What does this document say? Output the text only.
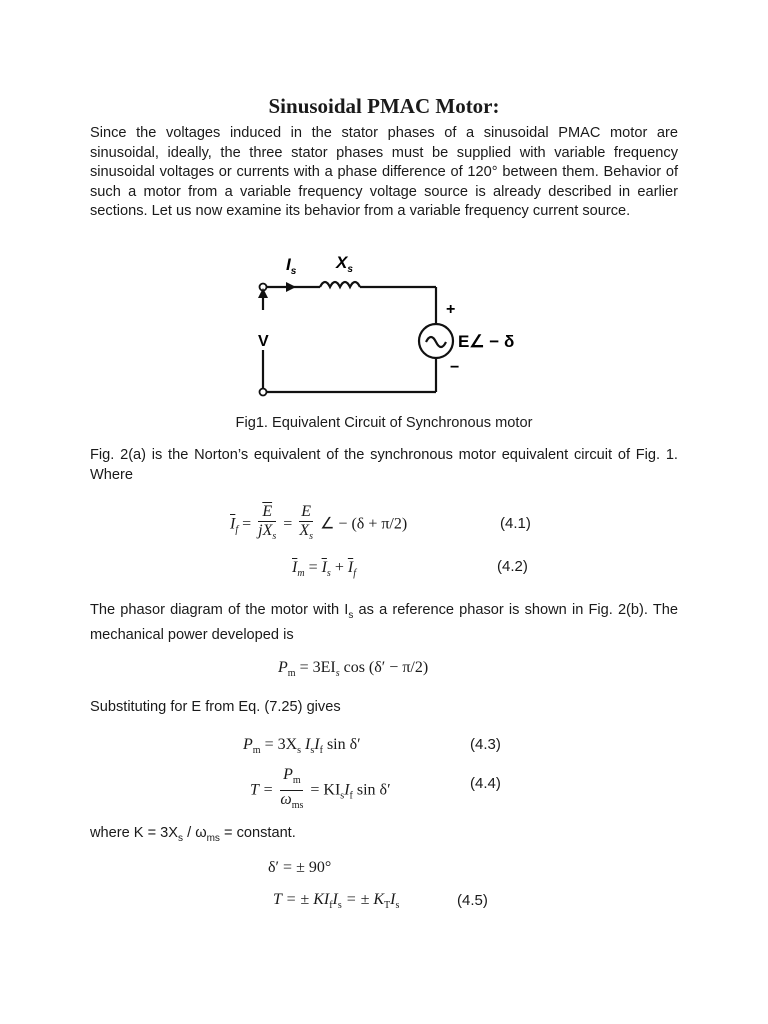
Sinusoidal PMAC Motor:

Since the voltages induced in the stator phases of a sinusoidal PMAC motor are sinusoidal, ideally, the three stator phases must be supplied with variable frequency sinusoidal voltages or currents with a phase difference of 120° between them. Behavior of such a motor from a variable frequency voltage source is already described in earlier sections. Let us now examine its behavior from a variable frequency current source.

$I_s$ $X_s$
V
+
−
E∠ − δ

Fig1. Equivalent Circuit of Synchronous motor

Fig. 2(a) is the Norton’s equivalent of the synchronous motor equivalent circuit of Fig. 1. Where

$\overline{I}_f = \frac{\overline{E}}{jX_s} = \frac{E}{X_s}$ ∠ − (δ + π/2)	(4.1)
$\overline{I}_m = \overline{I}_s + \overline{I}_f$	(4.2)

The phasor diagram of the motor with $I_s$ as a reference phasor is shown in Fig. 2(b). The mechanical power developed is

$P_m = 3EI_s$ cos (δ′ − π/2)

Substituting for E from Eq. (7.25) gives

$P_m = 3X_s$ $I_sI_f$ sin δ′	(4.3)
$T = \frac{P_m}{\omega_{ms}} = KI_sI_f$ sin δ′	(4.4)

where $K = 3X_s / \omega_{ms}$ = constant.

δ′ = ± 90°
T = ± $KI_fI_s$ = ± $K_TI_s$	(4.5)
